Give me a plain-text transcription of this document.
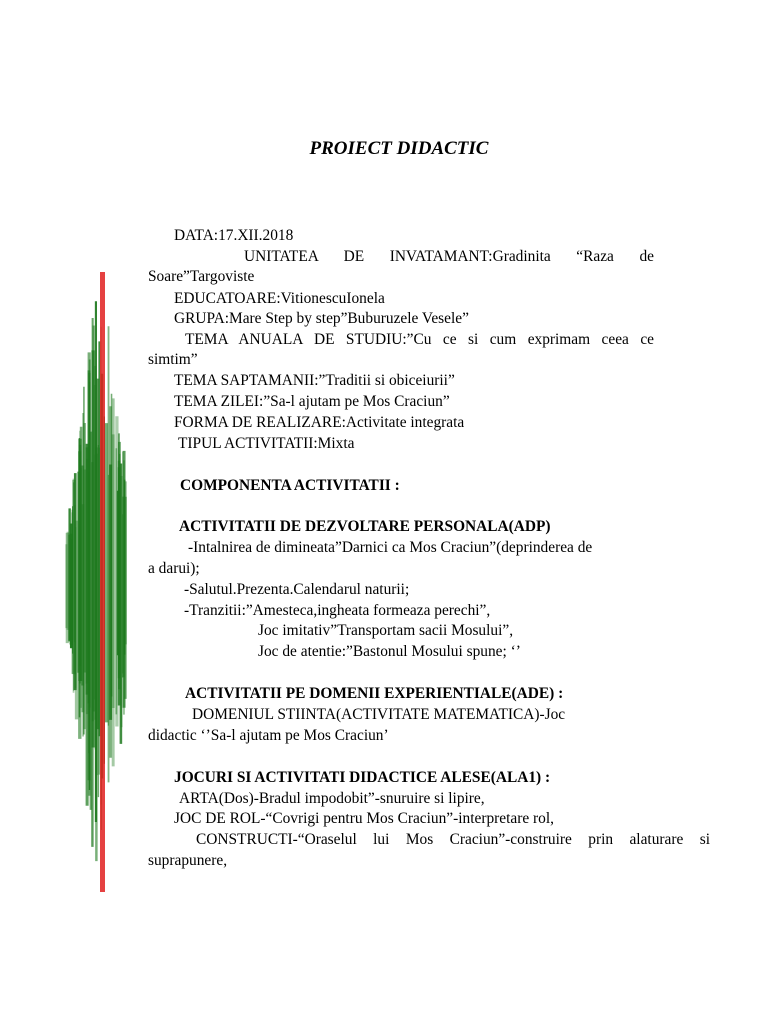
PROIECT DIDACTIC
DATA:17.XII.2018
UNITATEA DE INVATAMANT:Gradinita “Raza de
Soare”Targoviste
EDUCATOARE:VitionescuIonela
GRUPA:Mare Step by step”Buburuzele Vesele”
TEMA ANUALA DE STUDIU:”Cu ce si cum exprimam ceea ce
simtim”
TEMA SAPTAMANII:”Traditii si obiceiurii”
TEMA ZILEI:”Sa-l ajutam pe Mos Craciun”
FORMA DE REALIZARE:Activitate integrata
TIPUL ACTIVITATII:Mixta
COMPONENTA ACTIVITATII :
ACTIVITATII DE DEZVOLTARE PERSONALA(ADP)
-Intalnirea de dimineata”Darnici ca Mos Craciun”(deprinderea de
a darui);
-Salutul.Prezenta.Calendarul naturii;
-Tranzitii:”Amesteca,ingheata formeaza perechi”,
Joc imitativ”Transportam sacii Mosului”,
Joc de atentie:”Bastonul Mosului spune; ‘’
ACTIVITATII PE DOMENII EXPERIENTIALE(ADE) :
DOMENIUL STIINTA(ACTIVITATE MATEMATICA)-Joc
didactic ‘’Sa-l ajutam pe Mos Craciun’
JOCURI SI ACTIVITATI DIDACTICE ALESE(ALA1) :
ARTA(Dos)-Bradul impodobit”-snuruire si lipire,
JOC DE ROL-“Covrigi pentru Mos Craciun”-interpretare rol,
CONSTRUCTI-“Oraselul lui Mos Craciun”-construire prin alaturare si
suprapunere,
